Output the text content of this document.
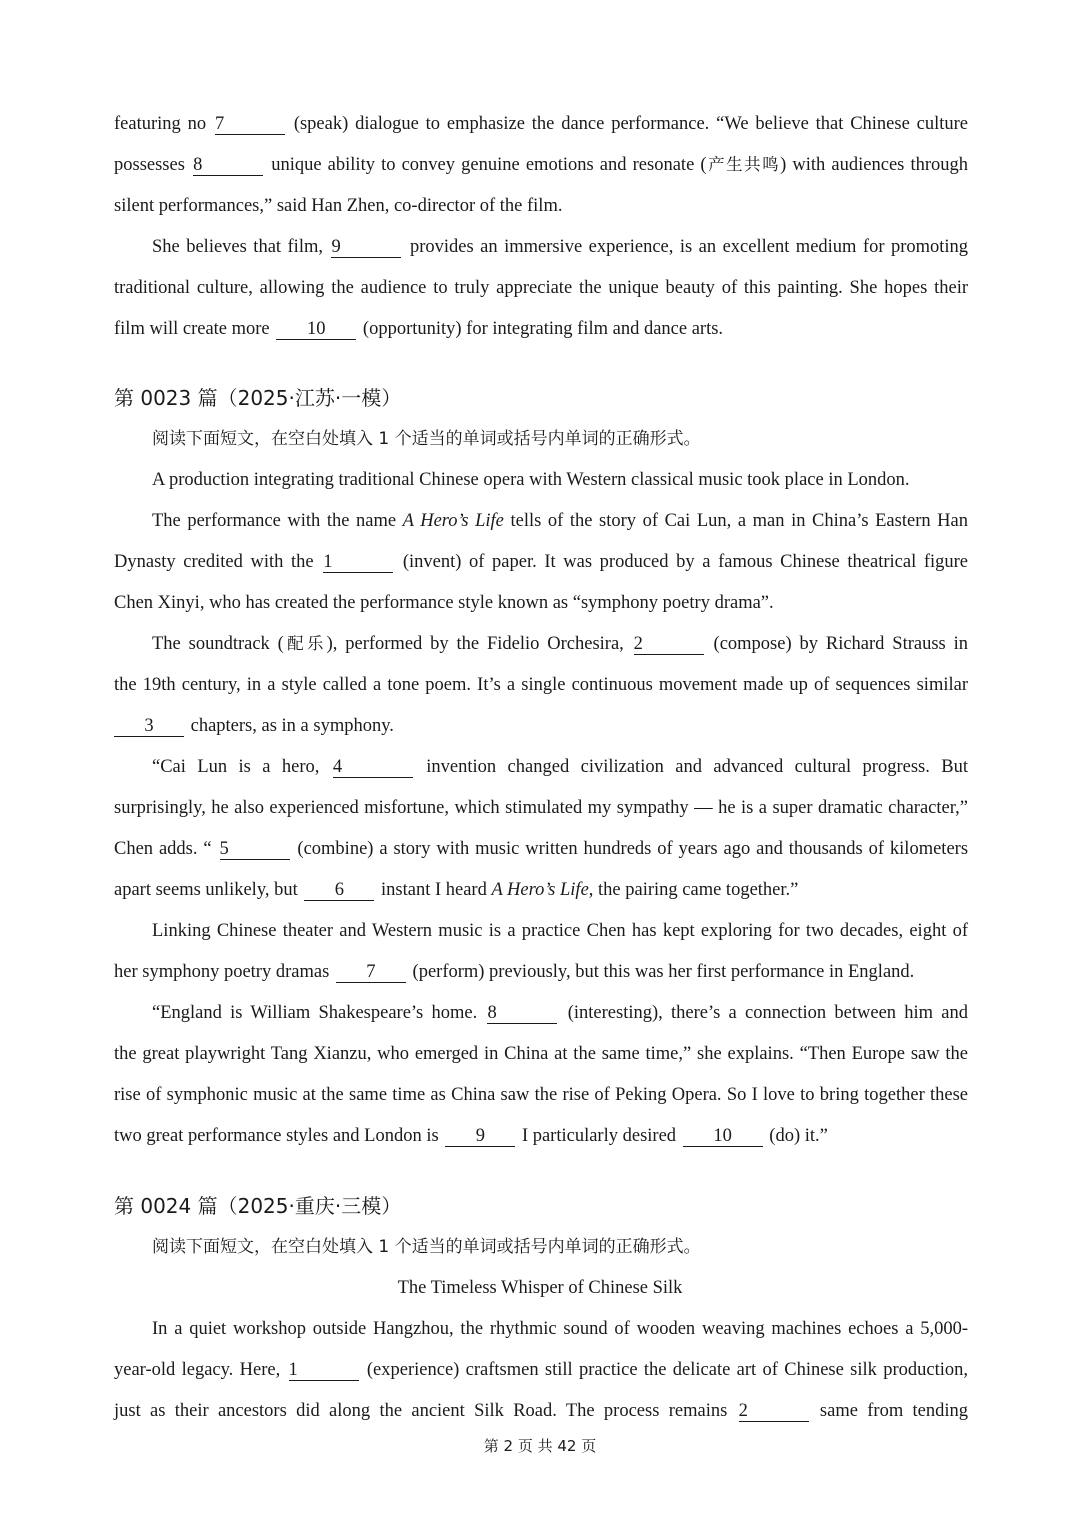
featuring no 7	(speak) dialogue to emphasize the dance performance. “We believe that Chinese culture
possesses 8	unique ability to convey genuine emotions and resonate (产生共鸣) with audiences through
silent performances,” said Han Zhen, co-director of the film.
She believes that film, 9	provides an immersive experience, is an excellent medium for promoting
traditional culture, allowing the audience to truly appreciate the unique beauty of this painting. She hopes their
film will create more 10 (opportunity) for integrating film and dance arts.
第 0023 篇（2025·江苏·一模）
阅读下面短文，在空白处填入 1 个适当的单词或括号内单词的正确形式。
A production integrating traditional Chinese opera with Western classical music took place in London.
The performance with the name A Hero’s Life tells of the story of Cai Lun, a man in China’s Eastern Han
Dynasty credited with the 1	(invent) of paper. It was produced by a famous Chinese theatrical figure
Chen Xinyi, who has created the performance style known as “symphony poetry drama”.
The soundtrack (配乐), performed by the Fidelio Orchesira, 2	(compose) by Richard Strauss in
the 19th century, in a style called a tone poem. It’s a single continuous movement made up of sequences similar
3 chapters, as in a symphony.
“Cai Lun is a hero, 4	invention changed civilization and advanced cultural progress. But
surprisingly, he also experienced misfortune, which stimulated my sympathy — he is a super dramatic character,”
Chen adds. “ 5	(combine) a story with music written hundreds of years ago and thousands of kilometers
apart seems unlikely, but 6 instant I heard A Hero’s Life, the pairing came together.”
Linking Chinese theater and Western music is a practice Chen has kept exploring for two decades, eight of
her symphony poetry dramas 7 (perform) previously, but this was her first performance in England.
“England is William Shakespeare’s home. 8	(interesting), there’s a connection between him and
the great playwright Tang Xianzu, who emerged in China at the same time,” she explains. “Then Europe saw the
rise of symphonic music at the same time as China saw the rise of Peking Opera. So I love to bring together these
two great performance styles and London is 9 I particularly desired 10 (do) it.”
第 0024 篇（2025·重庆·三模）
阅读下面短文，在空白处填入 1 个适当的单词或括号内单词的正确形式。
The Timeless Whisper of Chinese Silk
In a quiet workshop outside Hangzhou, the rhythmic sound of wooden weaving machines echoes a 5,000-
year-old legacy. Here, 1	(experience) craftsmen still practice the delicate art of Chinese silk production,
just as their ancestors did along the ancient Silk Road. The process remains 2	same from tending
第 2 页 共 42 页
